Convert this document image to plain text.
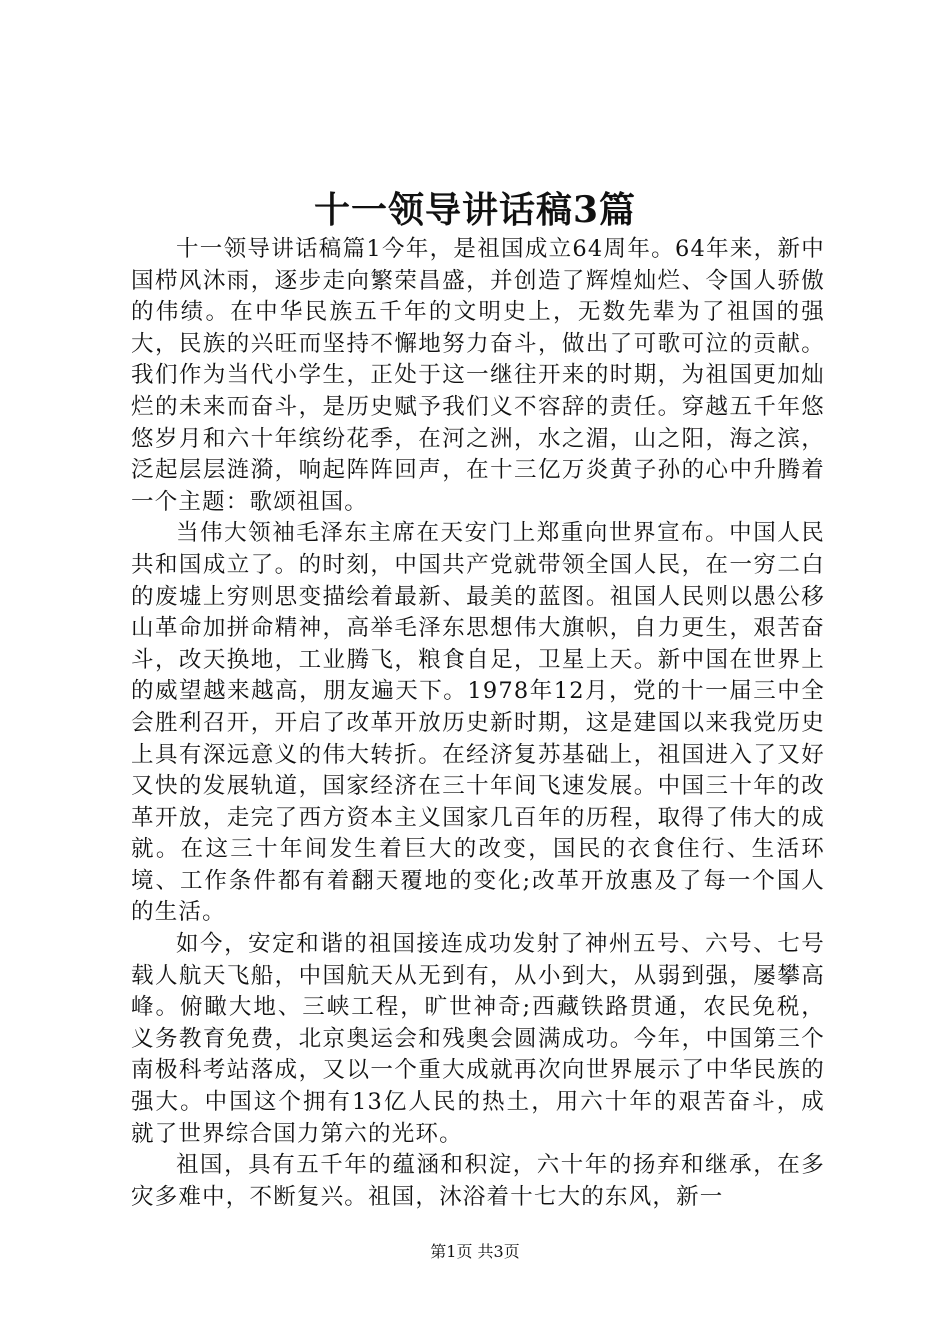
十一领导讲话稿3篇

十一领导讲话稿篇1今年，是祖国成立64周年。64年来，新中国栉风沐雨，逐步走向繁荣昌盛，并创造了辉煌灿烂、令国人骄傲的伟绩。在中华民族五千年的文明史上，无数先辈为了祖国的强大，民族的兴旺而坚持不懈地努力奋斗，做出了可歌可泣的贡献。我们作为当代小学生，正处于这一继往开来的时期，为祖国更加灿烂的未来而奋斗，是历史赋予我们义不容辞的责任。穿越五千年悠悠岁月和六十年缤纷花季，在河之洲，水之湄，山之阳，海之滨，泛起层层涟漪，响起阵阵回声，在十三亿万炎黄子孙的心中升腾着一个主题：歌颂祖国。

当伟大领袖毛泽东主席在天安门上郑重向世界宣布。中国人民共和国成立了。的时刻，中国共产党就带领全国人民，在一穷二白的废墟上穷则思变描绘着最新、最美的蓝图。祖国人民则以愚公移山革命加拼命精神，高举毛泽东思想伟大旗帜，自力更生，艰苦奋斗，改天换地，工业腾飞，粮食自足，卫星上天。新中国在世界上的威望越来越高，朋友遍天下。1978年12月，党的十一届三中全会胜利召开，开启了改革开放历史新时期，这是建国以来我党历史上具有深远意义的伟大转折。在经济复苏基础上，祖国进入了又好又快的发展轨道，国家经济在三十年间飞速发展。中国三十年的改革开放，走完了西方资本主义国家几百年的历程，取得了伟大的成就。在这三十年间发生着巨大的改变，国民的衣食住行、生活环境、工作条件都有着翻天覆地的变化;改革开放惠及了每一个国人的生活。

如今，安定和谐的祖国接连成功发射了神州五号、六号、七号载人航天飞船，中国航天从无到有，从小到大，从弱到强，屡攀高峰。俯瞰大地、三峡工程，旷世神奇;西藏铁路贯通，农民免税，义务教育免费，北京奥运会和残奥会圆满成功。今年，中国第三个南极科考站落成，又以一个重大成就再次向世界展示了中华民族的强大。中国这个拥有13亿人民的热土，用六十年的艰苦奋斗，成就了世界综合国力第六的光环。

祖国，具有五千年的蕴涵和积淀，六十年的扬弃和继承，在多灾多难中，不断复兴。祖国，沐浴着十七大的东风，新一

第1页 共3页
